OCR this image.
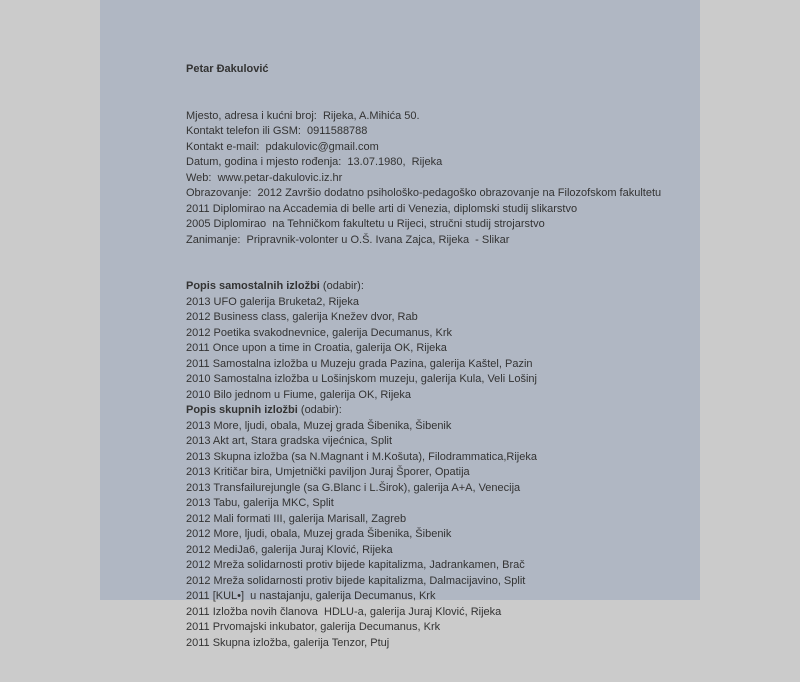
Petar Đakulović

Mjesto, adresa i kućni broj:  Rijeka, A.Mihića 50.
Kontakt telefon ili GSM:  0911588788
Kontakt e-mail:  pdakulovic@gmail.com
Datum, godina i mjesto rođenja:  13.07.1980,  Rijeka
Web:  www.petar-dakulovic.iz.hr
Obrazovanje:  2012 Završio dodatno psihološko-pedagoško obrazovanje na Filozofskom fakultetu
2011 Diplomirao na Accademia di belle arti di Venezia, diplomski studij slikarstvo
2005 Diplomirao  na Tehničkom fakultetu u Rijeci, stručni studij strojarstvo
Zanimanje:  Pripravnik-volonter u O.Š. Ivana Zajca, Rijeka  - Slikar

Popis samostalnih izložbi (odabir):
2013 UFO galerija Bruketa2, Rijeka
2012 Business class, galerija Knežev dvor, Rab
2012 Poetika svakodnevnice, galerija Decumanus, Krk
2011 Once upon a time in Croatia, galerija OK, Rijeka
2011 Samostalna izložba u Muzeju grada Pazina, galerija Kaštel, Pazin
2010 Samostalna izložba u Lošinjskom muzeju, galerija Kula, Veli Lošinj
2010 Bilo jednom u Fiume, galerija OK, Rijeka
Popis skupnih izložbi (odabir):
2013 More, ljudi, obala, Muzej grada Šibenika, Šibenik
2013 Akt art, Stara gradska vijećnica, Split
2013 Skupna izložba (sa N.Magnant i M.Košuta), Filodrammatica,Rijeka
2013 Kritičar bira, Umjetnički paviljon Juraj Šporer, Opatija
2013 Transfailurejungle (sa G.Blanc i L.Širok), galerija A+A, Venecija
2013 Tabu, galerija MKC, Split
2012 Mali formati III, galerija Marisall, Zagreb
2012 More, ljudi, obala, Muzej grada Šibenika, Šibenik
2012 MediJa6, galerija Juraj Klović, Rijeka
2012 Mreža solidarnosti protiv bijede kapitalizma, Jadrankamen, Brač
2012 Mreža solidarnosti protiv bijede kapitalizma, Dalmacijavino, Split
2011 [KUL•]  u nastajanju, galerija Decumanus, Krk
2011 Izložba novih članova  HDLU-a, galerija Juraj Klović, Rijeka
2011 Prvomajski inkubator, galerija Decumanus, Krk
2011 Skupna izložba, galerija Tenzor, Ptuj
